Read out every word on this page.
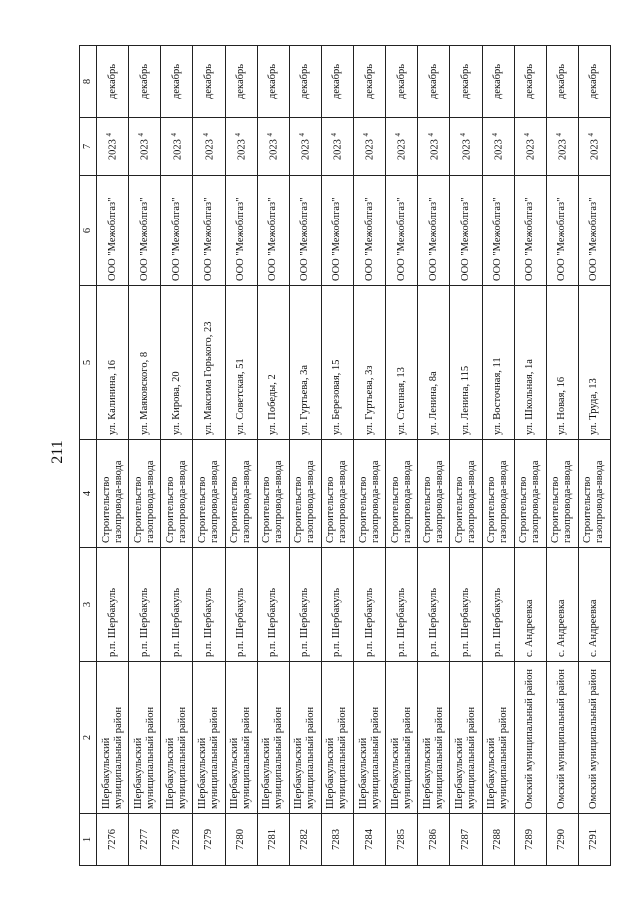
211
1	2	3	4	5	6	7	8
7276	Шербакульский муниципальный район	р.п. Шербакуль	Строительство газопровода-ввода	ул. Калинина, 16	ООО "Межоблгаз"	2023 $^4$	декабрь
7277	Шербакульский муниципальный район	р.п. Шербакуль	Строительство газопровода-ввода	ул. Маяковского, 8	ООО "Межоблгаз"	2023 $^4$	декабрь
7278	Шербакульский муниципальный район	р.п. Шербакуль	Строительство газопровода-ввода	ул. Кирова, 20	ООО "Межоблгаз"	2023 $^4$	декабрь
7279	Шербакульский муниципальный район	р.п. Шербакуль	Строительство газопровода-ввода	ул. Максима Горького, 23	ООО "Межоблгаз"	2023 $^4$	декабрь
7280	Шербакульский муниципальный район	р.п. Шербакуль	Строительство газопровода-ввода	ул. Советская, 51	ООО "Межоблгаз"	2023 $^4$	декабрь
7281	Шербакульский муниципальный район	р.п. Шербакуль	Строительство газопровода-ввода	ул. Победы, 2	ООО "Межоблгаз"	2023 $^4$	декабрь
7282	Шербакульский муниципальный район	р.п. Шербакуль	Строительство газопровода-ввода	ул. Гуртьева, 3а	ООО "Межоблгаз"	2023 $^4$	декабрь
7283	Шербакульский муниципальный район	р.п. Шербакуль	Строительство газопровода-ввода	ул. Березовая, 15	ООО "Межоблгаз"	2023 $^4$	декабрь
7284	Шербакульский муниципальный район	р.п. Шербакуль	Строительство газопровода-ввода	ул. Гуртьева, 3з	ООО "Межоблгаз"	2023 $^4$	декабрь
7285	Шербакульский муниципальный район	р.п. Шербакуль	Строительство газопровода-ввода	ул. Степная, 13	ООО "Межоблгаз"	2023 $^4$	декабрь
7286	Шербакульский муниципальный район	р.п. Шербакуль	Строительство газопровода-ввода	ул. Ленина, 8а	ООО "Межоблгаз"	2023 $^4$	декабрь
7287	Шербакульский муниципальный район	р.п. Шербакуль	Строительство газопровода-ввода	ул. Ленина, 115	ООО "Межоблгаз"	2023 $^4$	декабрь
7288	Шербакульский муниципальный район	р.п. Шербакуль	Строительство газопровода-ввода	ул. Восточная, 11	ООО "Межоблгаз"	2023 $^4$	декабрь
7289	Омский муниципальный район	с. Андреевка	Строительство газопровода-ввода	ул. Школьная, 1а	ООО "Межоблгаз"	2023 $^4$	декабрь
7290	Омский муниципальный район	с. Андреевка	Строительство газопровода-ввода	ул. Новая, 16	ООО "Межоблгаз"	2023 $^4$	декабрь
7291	Омский муниципальный район	с. Андреевка	Строительство газопровода-ввода	ул. Труда, 13	ООО "Межоблгаз"	2023 $^4$	декабрь
